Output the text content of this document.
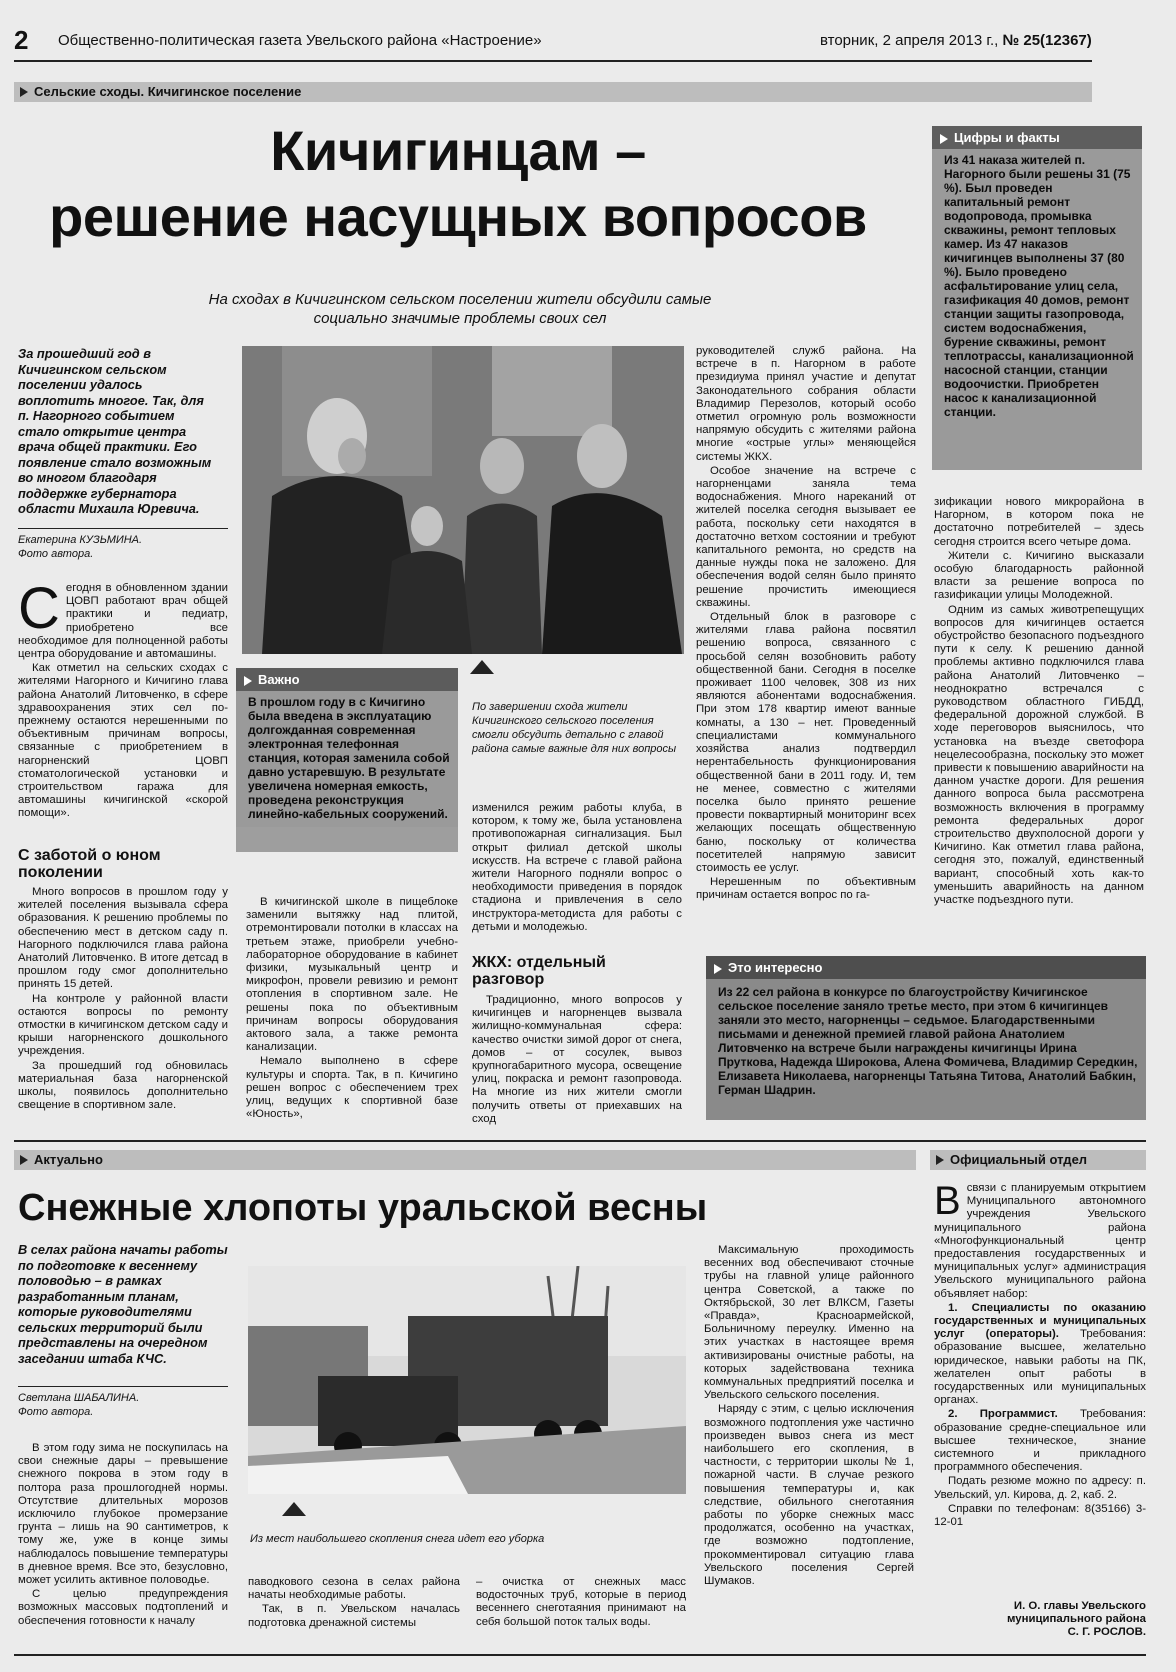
2 Общественно-политическая газета Увельского района «Настроение»	вторник, 2 апреля 2013 г., № 25(12367)
Сельские сходы. Кичигинское поселение
Кичигинцам –
решение насущных вопросов
На сходах в Кичигинском сельском поселении жители обсудили самые социально значимые проблемы своих сел
За прошедший год в Кичигинском сельском поселении удалось воплотить многое. Так, для п. Нагорного событием стало открытие центра врача общей практики. Его появление стало возможным во многом благодаря поддержке губернатора области Михаила Юревича.
Екатерина КУЗЬМИНА.
Фото автора.

Сегодня в обновленном здании ЦОВП работают врач общей практики и педиатр, приобретено все необходимое для полноценной работы центра оборудование и автомашины.

Как отметил на сельских сходах с жителями Нагорного и Кичигино глава района Анатолий Литовченко, в сфере здравоохранения этих сел по-прежнему остаются нерешенными по объективным причинам вопросы, связанные с приобретением в нагорненский ЦОВП стоматологической установки и строительством гаража для автомашины кичигинской «скорой помощи».

С заботой о юном поколении

Много вопросов в прошлом году у жителей поселения вызывала сфера образования. К решению проблемы по обеспечению мест в детском саду п. Нагорного подключился глава района Анатолий Литовченко. В итоге детсад в прошлом году смог дополнительно принять 15 детей.

На контроле у районной власти остаются вопросы по ремонту отмостки в кичигинском детском саду и крыши нагорненского дошкольного учреждения.

За прошедший год обновилась материальная база нагорненской школы, появилось дополнительно свещение в спортивном зале.

По завершении схода жители Кичигинского сельского поселения смогли обсудить детально с главой района самые важные для них вопросы
Важно
В прошлом году в с Кичигино была введена в эксплуатацию долгожданная современная электронная телефонная станция, которая заменила собой давно устаревшую. В результате увеличена номерная емкость, проведена реконструкция линейно-кабельных сооружений.

В кичигинской школе в пищеблоке заменили вытяжку над плитой, отремонтировали потолки в классах на третьем этаже, приобрели учебно-лабораторное оборудование в кабинет физики, музыкальный центр и микрофон, провели ревизию и ремонт отопления в спортивном зале. Не решены пока по объективным причинам вопросы оборудования актового зала, а также ремонта канализации.

Немало выполнено в сфере культуры и спорта. Так, в п. Кичигино решен вопрос с обеспечением трех улиц, ведущих к спортивной базе «Юность»,

изменился режим работы клуба, в котором, к тому же, была установлена противопожарная сигнализация. Был открыт филиал детской школы искусств. На встрече с главой района жители Нагорного подняли вопрос о необходимости приведения в порядок стадиона и привлечения в село инструктора-методиста для работы с детьми и молодежью.

ЖКХ: отдельный разговор

Традиционно, много вопросов у кичигинцев и нагорненцев вызвала жилищно-коммунальная сфера: качество очистки зимой дорог от снега, домов – от сосулек, вывоз крупногабаритного мусора, освещение улиц, покраска и ремонт газопровода. На многие из них жители смогли получить ответы от приехавших на сход

руководителей служб района. На встрече в п. Нагорном в работе президиума принял участие и депутат Законодательного собрания области Владимир Перезолов, который особо отметил огромную роль возможности напрямую обсудить с жителями района многие «острые углы» меняющейся системы ЖКХ.

Особое значение на встрече с нагорненцами заняла тема водоснабжения. Много нареканий от жителей поселка сегодня вызывает ее работа, поскольку сети находятся в достаточно ветхом состоянии и требуют капитального ремонта, но средств на данные нужды пока не заложено. Для обеспечения водой селян было принято решение прочистить имеющиеся скважины.

Отдельный блок в разговоре с жителями глава района посвятил решению вопроса, связанного с просьбой селян возобновить работу общественной бани. Сегодня в поселке проживает 1100 человек, 308 из них являются абонентами водоснабжения. При этом 178 квартир имеют ванные комнаты, а 130 – нет. Проведенный специалистами коммунального хозяйства анализ подтвердил нерентабельность функционирования общественной бани в 2011 году. И, тем не менее, совместно с жителями поселка было принято решение провести поквартирный мониторинг всех желающих посещать общественную баню, поскольку от количества посетителей напрямую зависит стоимость ее услуг.

Нерешенным по объективным причинам остается вопрос по га-

Цифры и факты
Из 41 наказа жителей п. Нагорного были решены 31 (75 %). Был проведен капитальный ремонт водопровода, промывка скважины, ремонт тепловых камер. Из 47 наказов кичигинцев выполнены 37 (80 %). Было проведено асфальтирование улиц села, газификация 40 домов, ремонт станции защиты газопровода, систем водоснабжения, бурение скважины, ремонт теплотрассы, канализационной насосной станции, станции водоочистки. Приобретен насос к канализационной станции.

зификации нового микрорайона в Нагорном, в котором пока не достаточно потребителей – здесь сегодня строится всего четыре дома.

Жители с. Кичигино высказали особую благодарность районной власти за решение вопроса по газификации улицы Молодежной.

Одним из самых животрепещущих вопросов для кичигинцев остается обустройство безопасного подъездного пути к селу. К решению данной проблемы активно подключился глава района Анатолий Литовченко – неоднократно встречался с руководством областного ГИБДД, федеральной дорожной службой. В ходе переговоров выяснилось, что установка на въезде светофора нецелесообразна, поскольку это может привести к повышению аварийности на данном участке дороги. Для решения данного вопроса была рассмотрена возможность включения в программу ремонта федеральных дорог строительство двухполосной дороги у Кичигино. Как отметил глава района, сегодня это, пожалуй, единственный вариант, способный хоть как-то уменьшить аварийность на данном участке подъездного пути.

Это интересно
Из 22 сел района в конкурсе по благоустройству Кичигинское сельское поселение заняло третье место, при этом 6 кичигинцев заняли это место, нагорненцы – седьмое. Благодарственными письмами и денежной премией главой района Анатолием Литовченко на встрече были награждены кичигинцы Ирина Пруткова, Надежда Широкова, Алена Фомичева, Владимир Середкин, Елизавета Николаева, нагорненцы Татьяна Титова, Анатолий Бабкин, Герман Шадрин.
Актуально
Снежные хлопоты уральской весны
В селах района начаты работы по подготовке к весеннему половодью – в рамках разработанным планам, которые руководителями сельских территорий были представлены на очередном заседании штаба КЧС.
Светлана ШАБАЛИНА.
Фото автора.

В этом году зима не поскупилась на свои снежные дары – превышение снежного покрова в этом году в полтора раза прошлогодней нормы. Отсутствие длительных морозов исключило глубокое промерзание грунта – лишь на 90 сантиметров, к тому же, уже в конце зимы наблюдалось повышение температуры в дневное время. Все это, безусловно, может усилить активное половодье.

С целью предупреждения возможных массовых подтоплений и обеспечения готовности к началу

Из мест наибольшего скопления снега идет его уборка

паводкового сезона в селах района начаты необходимые работы.

Так, в п. Увельском началась подготовка дренажной системы

– очистка от снежных масс водосточных труб, которые в период весеннего снеготаяния принимают на себя большой поток талых воды.

Максимальную проходимость весенних вод обеспечивают сточные трубы на главной улице районного центра Советской, а также по Октябрьской, 30 лет ВЛКСМ, Газеты «Правда», Красноармейской, Больничному переулку. Именно на этих участках в настоящее время активизированы очистные работы, на которых задействована техника коммунальных предприятий поселка и Увельского сельского поселения.

Наряду с этим, с целью исключения возможного подтопления уже частично произведен вывоз снега из мест наибольшего его скопления, в частности, с территории школы № 1, пожарной части. В случае резкого повышения температуры и, как следствие, обильного снеготаяния работы по уборке снежных масс продолжатся, особенно на участках, где возможно подтопление, прокомментировал ситуацию глава Увельского поселения Сергей Шумаков.

Официальный отдел

Всвязи с планируемым открытием Муниципального автономного учреждения Увельского муниципального района «Многофункциональный центр предоставления государственных и муниципальных услуг» администрация Увельского муниципального района объявляет набор:

1. Специалисты по оказанию государственных и муниципальных услуг (операторы). Требования: образование высшее, желательно юридическое, навыки работы на ПК, желателен опыт работы в государственных или муниципальных органах.

2. Программист. Требования: образование средне-специальное или высшее техническое, знание системного и прикладного программного обеспечения.

Подать резюме можно по адресу: п. Увельский, ул. Кирова, д. 2, каб. 2.

Справки по телефонам: 8(35166) 3-12-01

И. О. главы Увельского
муниципального района
С. Г. РОСЛОВ.
